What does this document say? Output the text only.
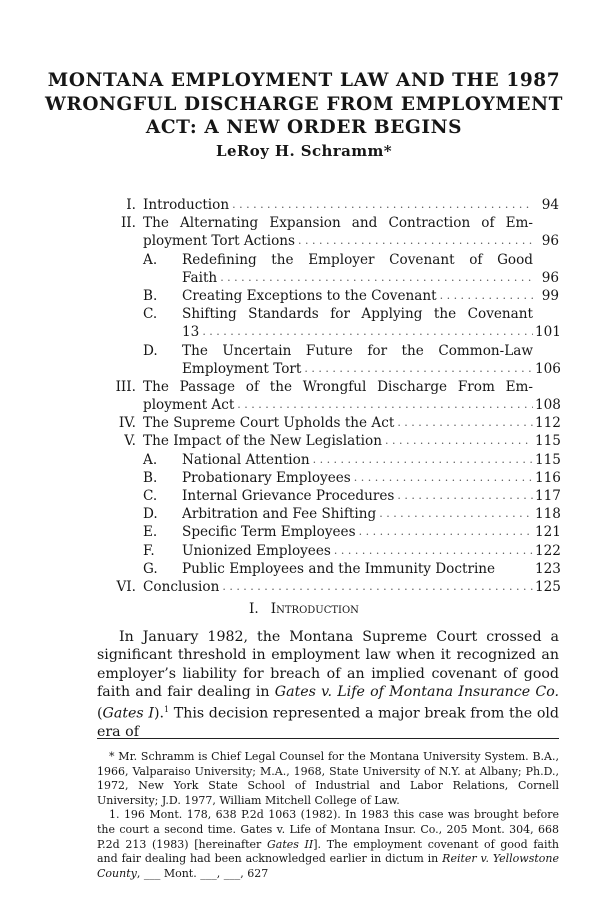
MONTANA EMPLOYMENT LAW AND THE 1987
WRONGFUL DISCHARGE FROM EMPLOYMENT
ACT: A NEW ORDER BEGINS
LeRoy H. Schramm*
I. Introduction . . .	94
II. The Alternating Expansion and Contraction of Em-
ployment Tort Actions . . .	96
A. Redefining the Employer Covenant of Good
Faith . . .	96
B. Creating Exceptions to the Covenant . . .	99
C. Shifting Standards for Applying the Covenant
13 . . .	101
D. The Uncertain Future for the Common-Law
Employment Tort . . .	106
III. The Passage of the Wrongful Discharge From Em-
ployment Act . . .	108
IV. The Supreme Court Upholds the Act . . .	112
V. The Impact of the New Legislation . . .	115
A. National Attention . . .	115
B. Probationary Employees . . .	116
C. Internal Grievance Procedures . . .	117
D. Arbitration and Fee Shifting . . .	118
E. Specific Term Employees . . .	121
F. Unionized Employees . . .	122
G. Public Employees and the Immunity Doctrine	123
VI. Conclusion . . .	125
I. Introduction

In January 1982, the Montana Supreme Court crossed a significant threshold in employment law when it recognized an employer’s liability for breach of an implied covenant of good faith and fair dealing in Gates v. Life of Montana Insurance Co. (Gates I).$^1$ This decision represented a major break from the old era of

* Mr. Schramm is Chief Legal Counsel for the Montana University System. B.A., 1966, Valparaiso University; M.A., 1968, State University of N.Y. at Albany; Ph.D., 1972, New York State School of Industrial and Labor Relations, Cornell University; J.D. 1977, William Mitchell College of Law.

1. 196 Mont. 178, 638 P.2d 1063 (1982). In 1983 this case was brought before the court a second time. Gates v. Life of Montana Insur. Co., 205 Mont. 304, 668 P.2d 213 (1983) [hereinafter Gates II]. The employment covenant of good faith and fair dealing had been acknowledged earlier in dictum in Reiter v. Yellowstone County, ___ Mont. ___, ___, 627
